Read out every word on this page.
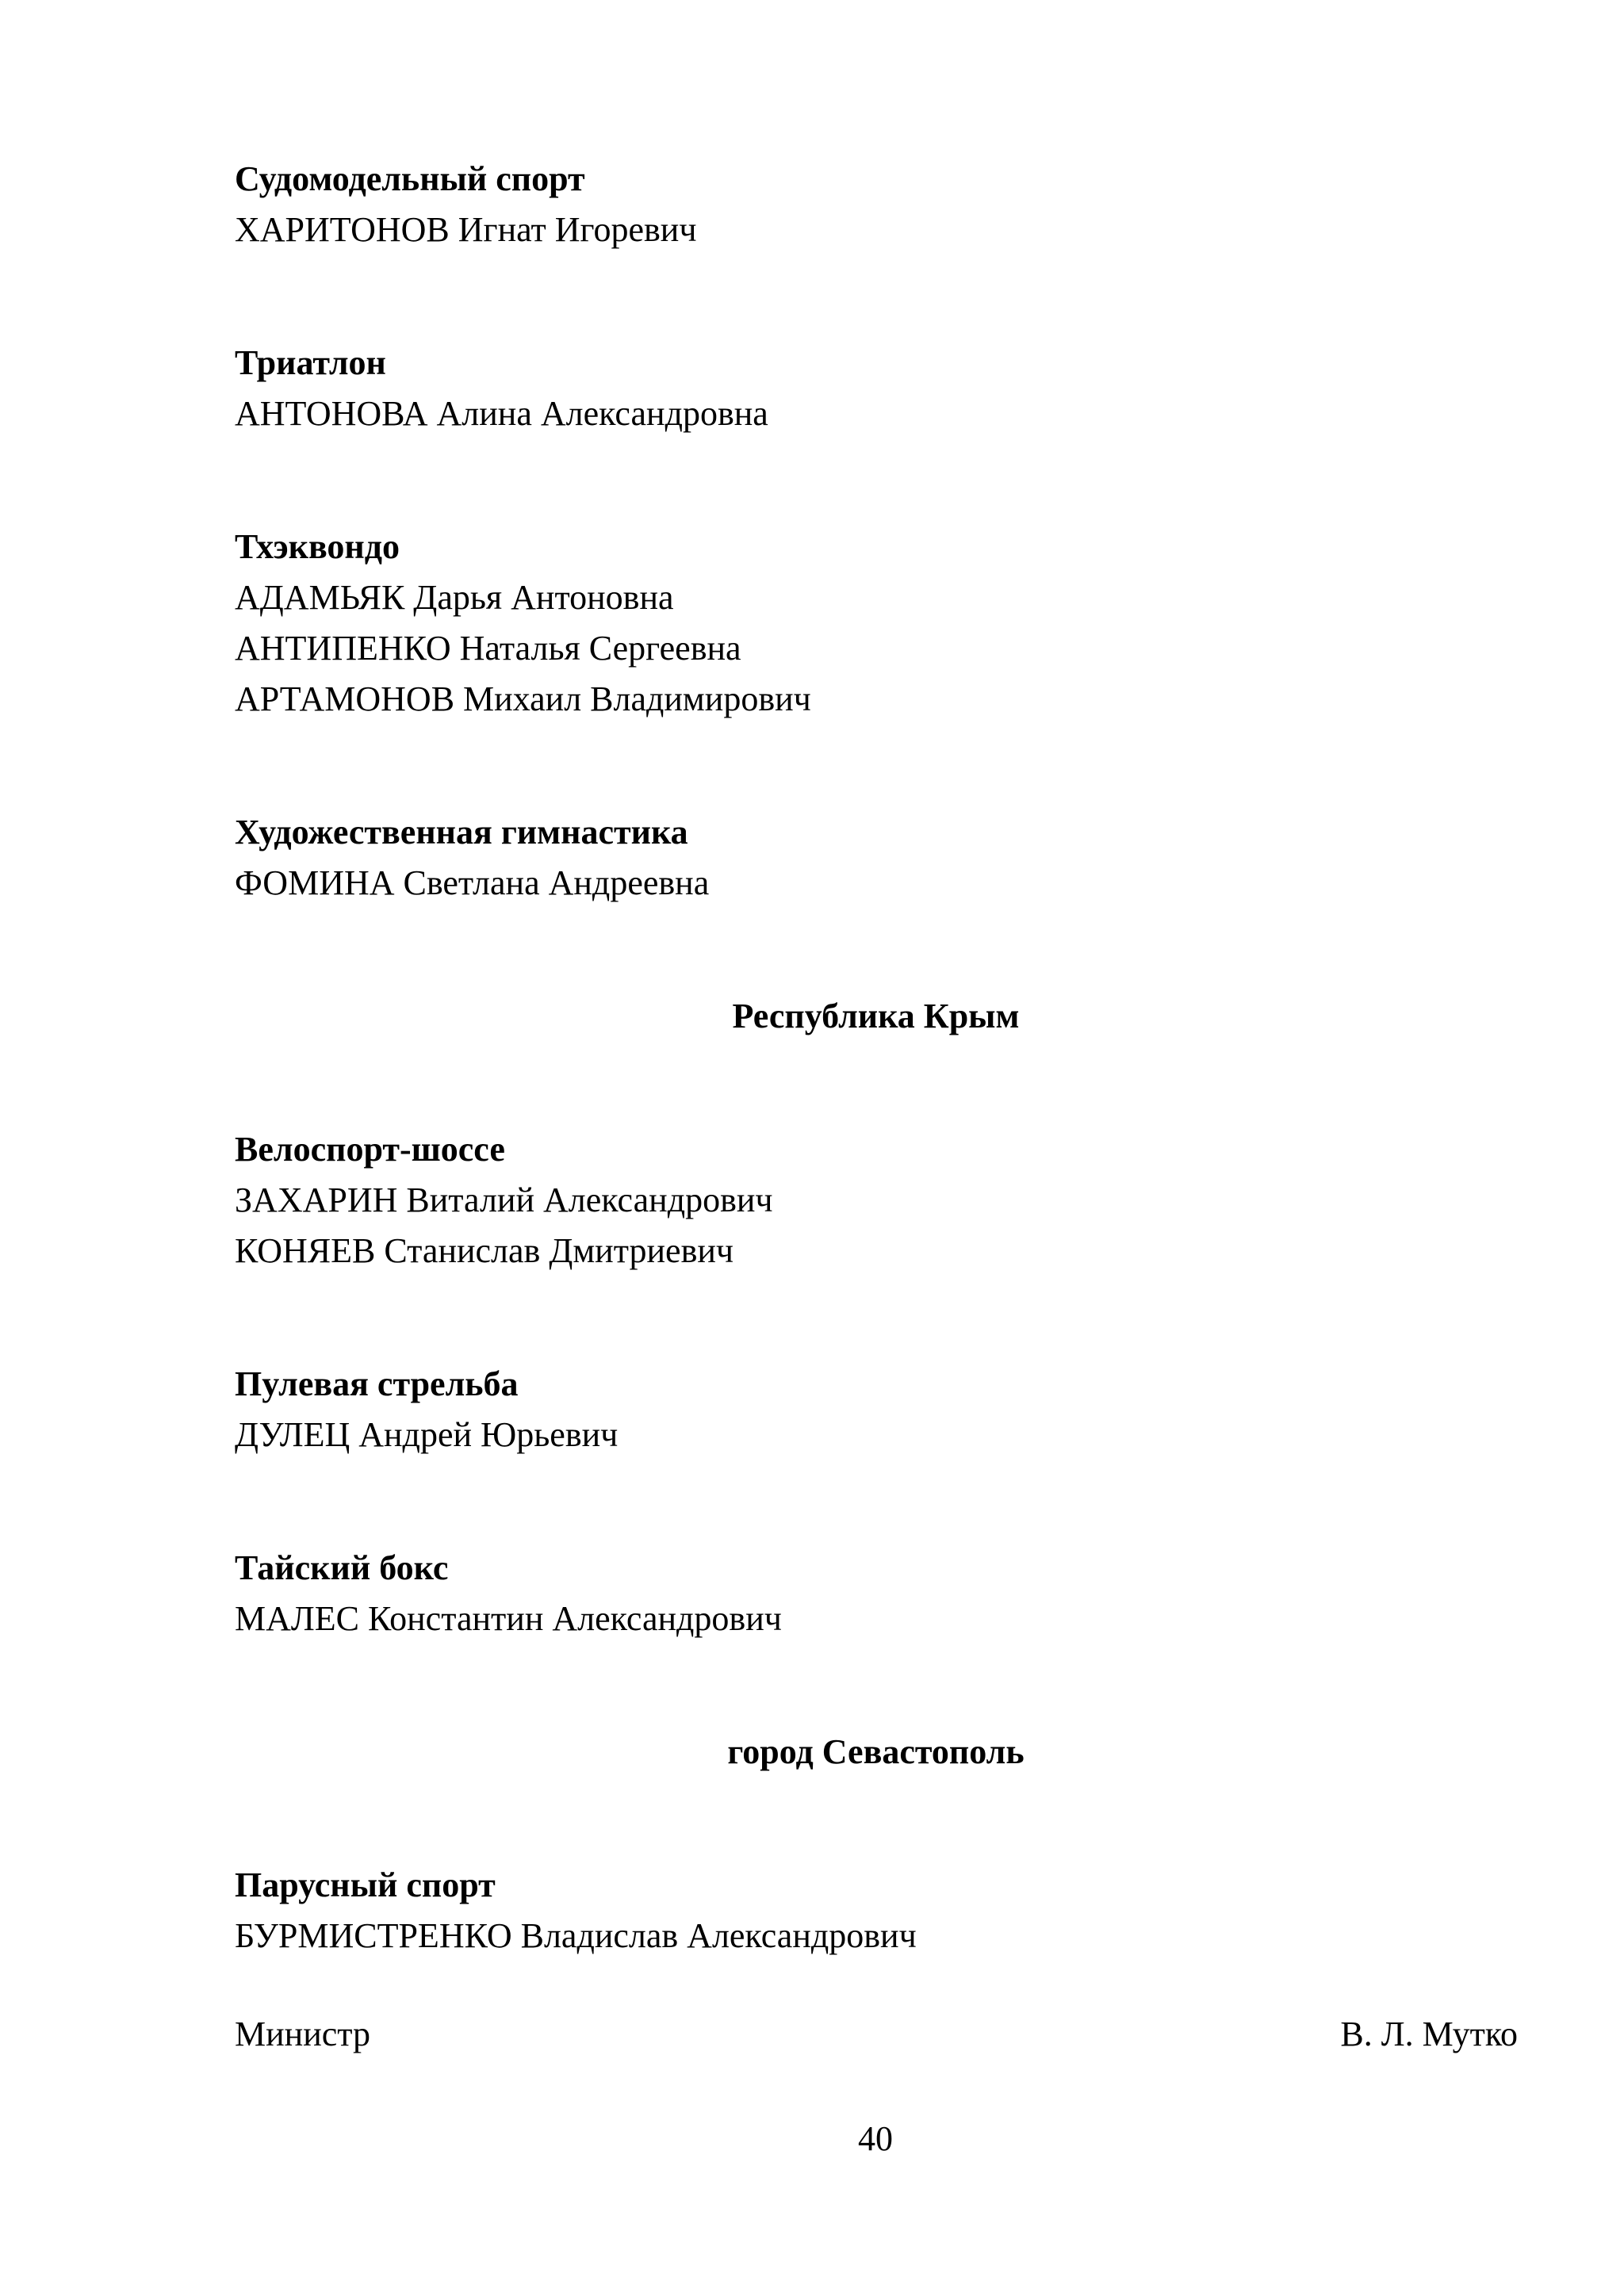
Судомодельный спорт
ХАРИТОНОВ Игнат Игоревич
Триатлон
АНТОНОВА Алина Александровна
Тхэквондо
АДАМЬЯК Дарья Антоновна
АНТИПЕНКО Наталья Сергеевна
АРТАМОНОВ Михаил Владимирович
Художественная гимнастика
ФОМИНА Светлана Андреевна
Республика Крым
Велоспорт-шоссе
ЗАХАРИН Виталий Александрович
КОНЯЕВ Станислав Дмитриевич
Пулевая стрельба
ДУЛЕЦ Андрей Юрьевич
Тайский бокс
МАЛЕС Константин Александрович
город Севастополь
Парусный спорт
БУРМИСТРЕНКО Владислав Александрович
Министр	В. Л. Мутко
40
